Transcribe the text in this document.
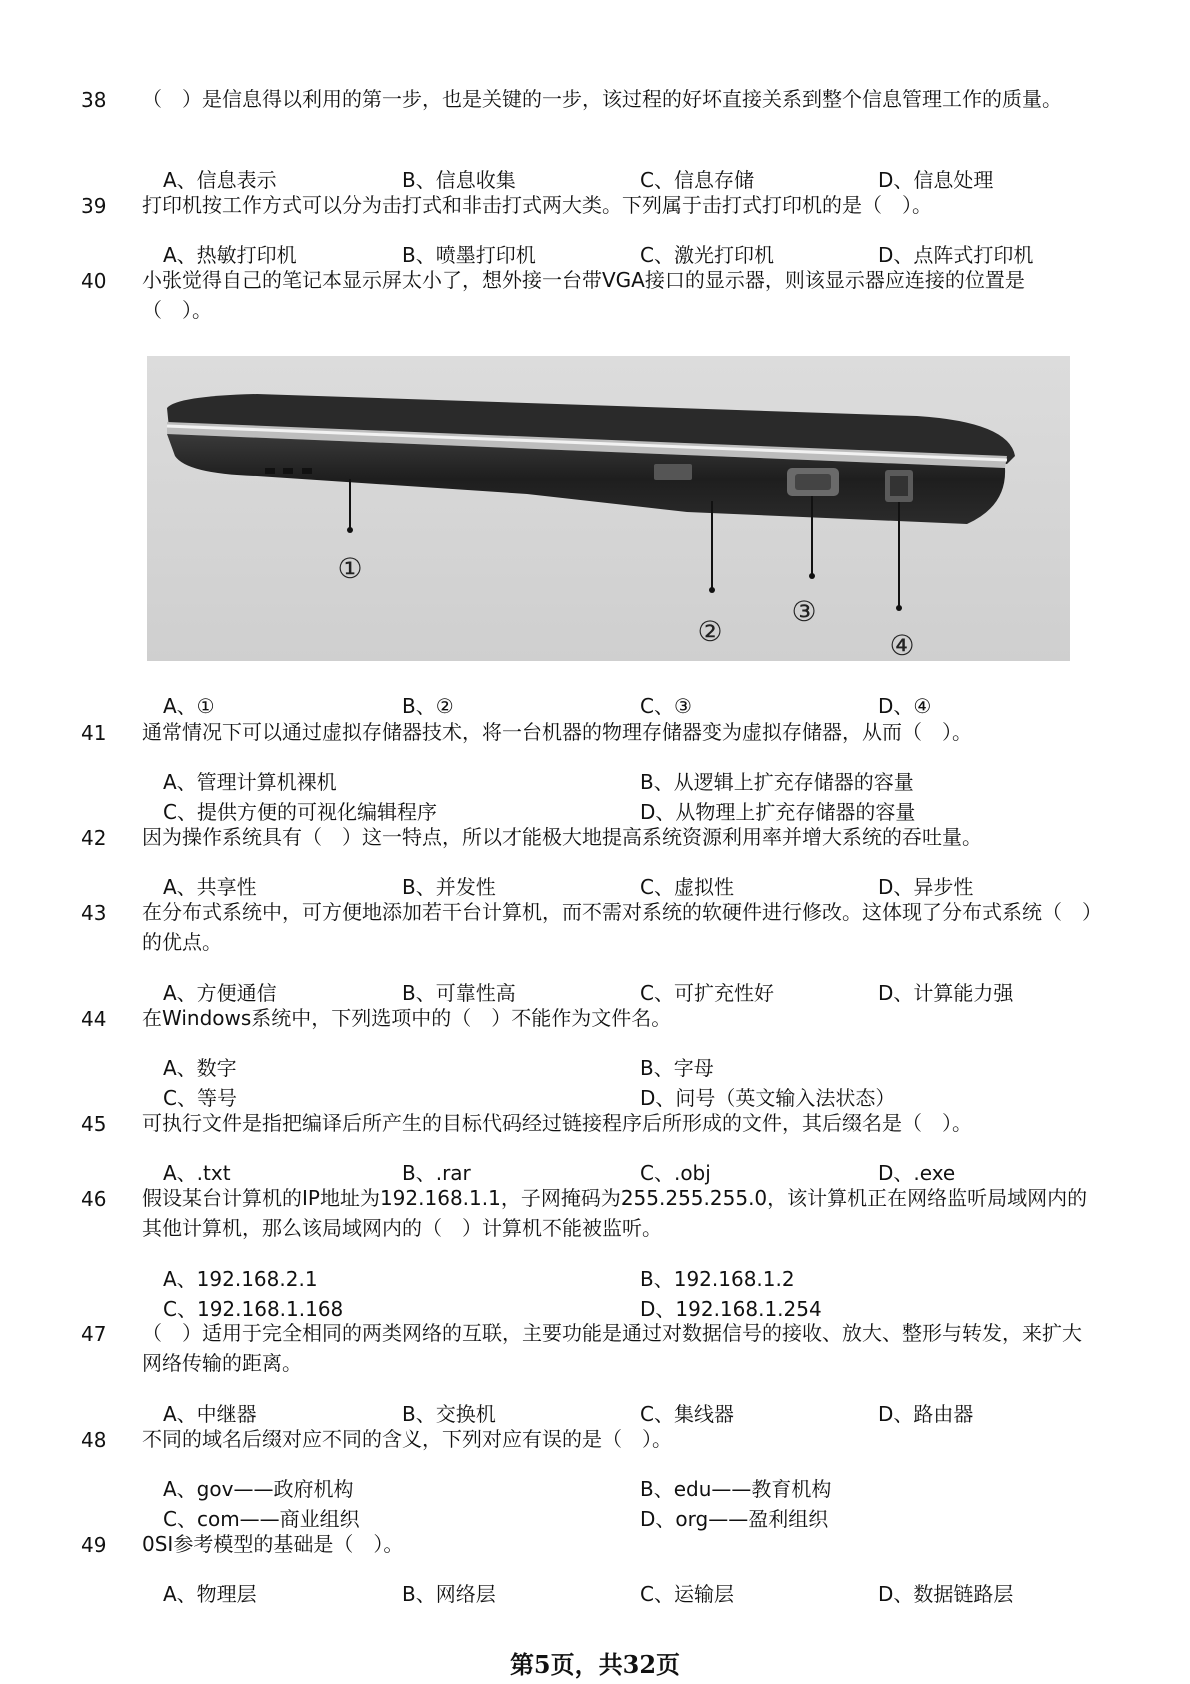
38 （　）是信息得以利用的第一步，也是关键的一步，该过程的好坏直接关系到整个信息管理工作的质量。
A、信息表示	B、信息收集	C、信息存储	D、信息处理
39 打印机按工作方式可以分为击打式和非击打式两大类。下列属于击打式打印机的是（　）。
A、热敏打印机	B、喷墨打印机	C、激光打印机	D、点阵式打印机
40 小张觉得自己的笔记本显示屏太小了，想外接一台带VGA接口的显示器，则该显示器应连接的位置是（　）。
①
②
③
④
A、①	B、②	C、③	D、④
41 通常情况下可以通过虚拟存储器技术，将一台机器的物理存储器变为虚拟存储器，从而（　）。
A、管理计算机裸机	B、从逻辑上扩充存储器的容量
C、提供方便的可视化编辑程序	D、从物理上扩充存储器的容量
42 因为操作系统具有（　）这一特点，所以才能极大地提高系统资源利用率并增大系统的吞吐量。
A、共享性	B、并发性	C、虚拟性	D、异步性
43 在分布式系统中，可方便地添加若干台计算机，而不需对系统的软硬件进行修改。这体现了分布式系统（　）的优点。
A、方便通信	B、可靠性高	C、可扩充性好	D、计算能力强
44 在Windows系统中，下列选项中的（　）不能作为文件名。
A、数字	B、字母
C、等号	D、问号（英文输入法状态）
45 可执行文件是指把编译后所产生的目标代码经过链接程序后所形成的文件，其后缀名是（　）。
A、.txt	B、.rar	C、.obj	D、.exe
46 假设某台计算机的IP地址为192.168.1.1，子网掩码为255.255.255.0，该计算机正在网络监听局域网内的其他计算机，那么该局域网内的（　）计算机不能被监听。
A、192.168.2.1	B、192.168.1.2
C、192.168.1.168	D、192.168.1.254
47 （　）适用于完全相同的两类网络的互联，主要功能是通过对数据信号的接收、放大、整形与转发，来扩大网络传输的距离。
A、中继器	B、交换机	C、集线器	D、路由器
48 不同的域名后缀对应不同的含义，下列对应有误的是（　）。
A、gov——政府机构	B、edu——教育机构
C、com——商业组织	D、org——盈利组织
49 0SI参考模型的基础是（　）。
A、物理层	B、网络层	C、运输层	D、数据链路层
第5页，共32页
